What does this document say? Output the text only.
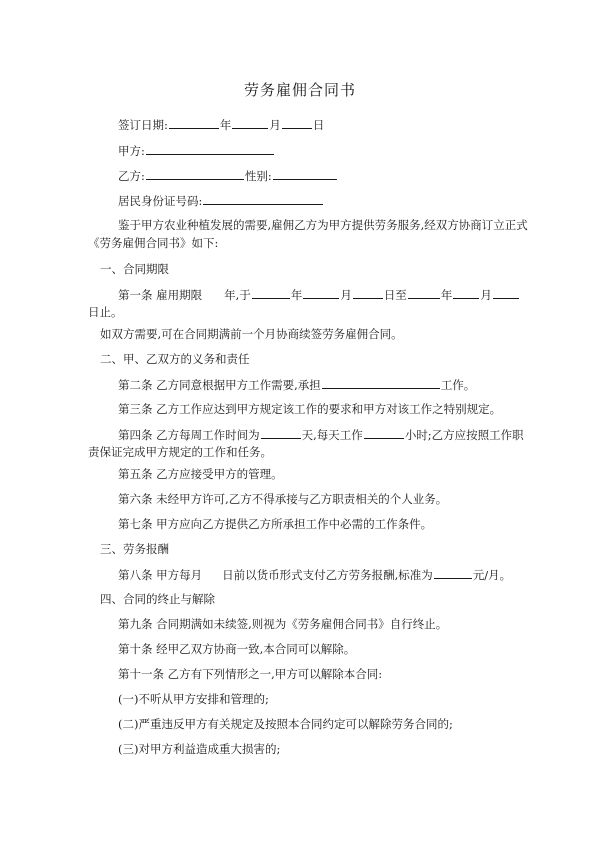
劳务雇佣合同书
签订日期:	年	月	日
甲方:
乙方:	性别:
居民身份证号码:
鉴于甲方农业种植发展的需要,雇佣乙方为甲方提供劳务服务,经双方协商订立正式
《劳务雇佣合同书》如下:
一、合同期限
第一条 雇用期限 年,于	年	月	日至	年 月
日止。
如双方需要,可在合同期满前一个月协商续签劳务雇佣合同。
二、甲、乙双方的义务和责任
第二条 乙方同意根据甲方工作需要,承担	工作。
第三条 乙方工作应达到甲方规定该工作的要求和甲方对该工作之特别规定。
第四条 乙方每周工作时间为	天,每天工作	小时;乙方应按照工作职
责保证完成甲方规定的工作和任务。
第五条 乙方应接受甲方的管理。
第六条 未经甲方许可,乙方不得承接与乙方职责相关的个人业务。
第七条 甲方应向乙方提供乙方所承担工作中必需的工作条件。
三、劳务报酬
第八条 甲方每月 日前以货币形式支付乙方劳务报酬,标准为	元/月。
四、合同的终止与解除
第九条 合同期满如未续签,则视为《劳务雇佣合同书》自行终止。
第十条 经甲乙双方协商一致,本合同可以解除。
第十一条 乙方有下列情形之一,甲方可以解除本合同:
(一)不听从甲方安排和管理的;
(二)严重违反甲方有关规定及按照本合同约定可以解除劳务合同的;
(三)对甲方利益造成重大损害的;
